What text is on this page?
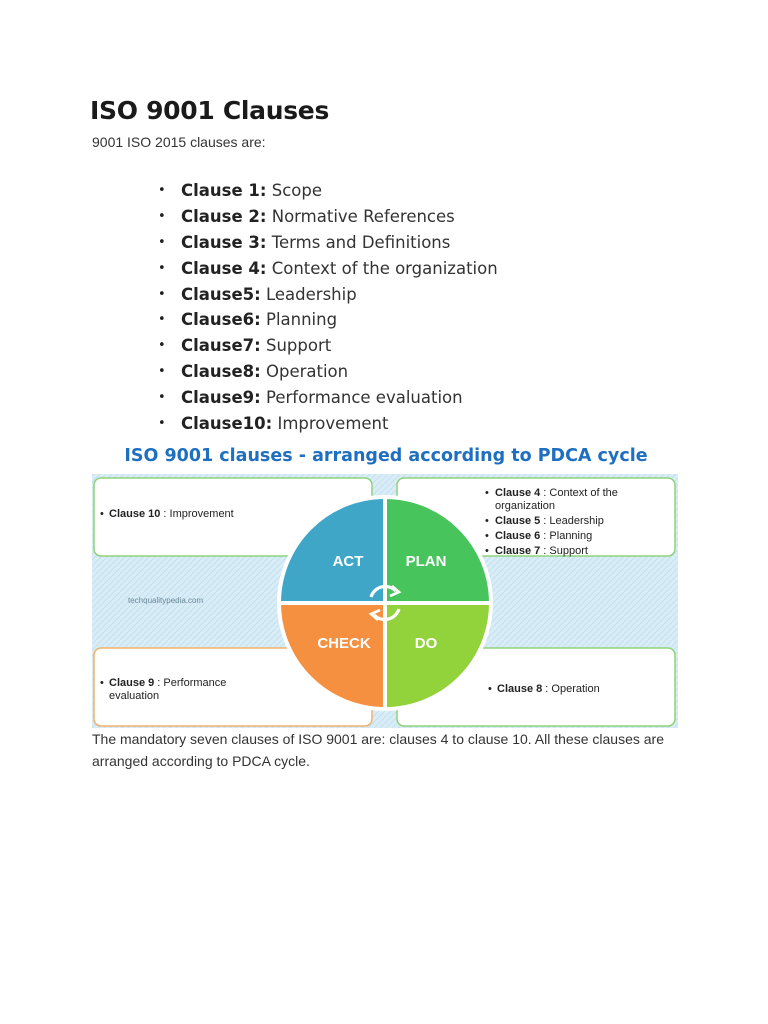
ISO 9001 Clauses
9001 ISO 2015 clauses are:
• Clause 1: Scope
• Clause 2: Normative References
• Clause 3: Terms and Definitions
• Clause 4: Context of the organization
• Clause5: Leadership
• Clause6: Planning
• Clause7: Support
• Clause8: Operation
• Clause9: Performance evaluation
• Clause10: Improvement
ISO 9001 clauses - arranged according to PDCA cycle
techqualitypedia.com
ACT	PLAN
CHECK	DO
• Clause 10 : Improvement
• Clause 4 : Context of the
organization
• Clause 5 : Leadership
• Clause 6 : Planning
• Clause 7 : Support
• Clause 9 : Performance
evaluation
• Clause 8 : Operation
The mandatory seven clauses of ISO 9001 are: clauses 4 to clause 10. All these clauses are arranged according to PDCA cycle.
